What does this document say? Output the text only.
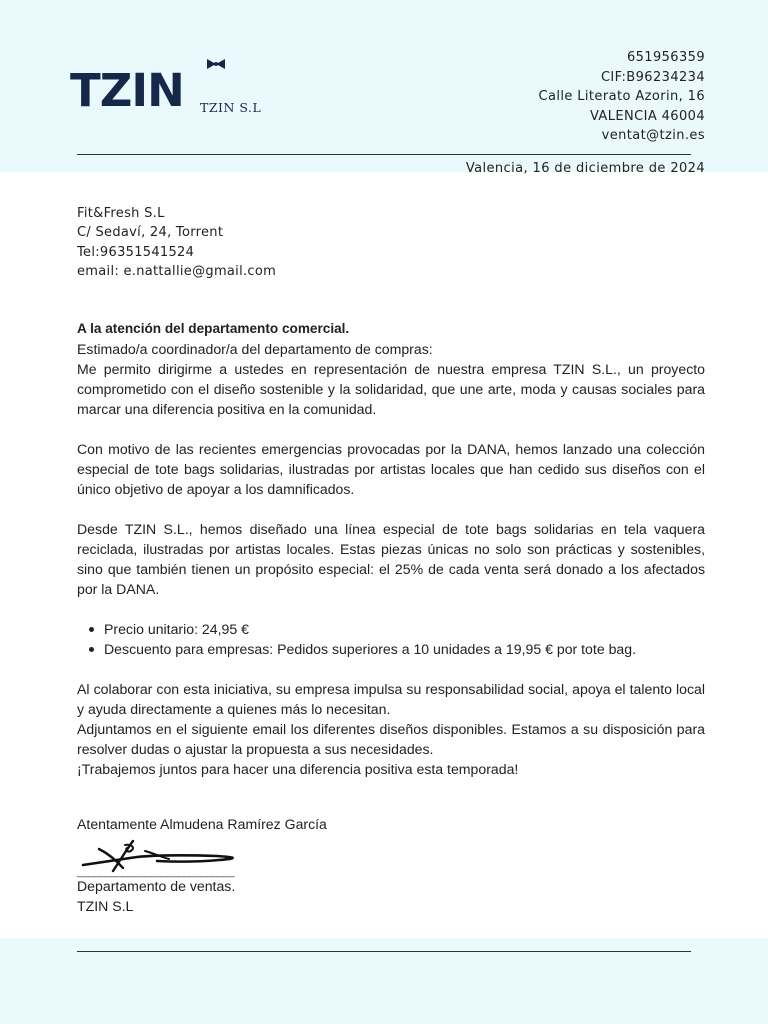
TZIN TZIN S.L
651956359
CIF:B96234234
Calle Literato Azorin, 16
VALENCIA 46004
ventat@tzin.es
Valencia, 16 de diciembre de 2024
Fit&Fresh S.L
C/ Sedaví, 24, Torrent
Tel:96351541524
email: e.nattallie@gmail.com

A la atención del departamento comercial.

Estimado/a coordinador/a del departamento de compras:

Me permito dirigirme a ustedes en representación de nuestra empresa TZIN S.L., un proyecto comprometido con el diseño sostenible y la solidaridad, que une arte, moda y causas sociales para marcar una diferencia positiva en la comunidad.

Con motivo de las recientes emergencias provocadas por la DANA, hemos lanzado una colección especial de tote bags solidarias, ilustradas por artistas locales que han cedido sus diseños con el único objetivo de apoyar a los damnificados.

Desde TZIN S.L., hemos diseñado una línea especial de tote bags solidarias en tela vaquera reciclada, ilustradas por artistas locales. Estas piezas únicas no solo son prácticas y sostenibles, sino que también tienen un propósito especial: el 25% de cada venta será donado a los afectados por la DANA.

Precio unitario: 24,95 €
Descuento para empresas: Pedidos superiores a 10 unidades a 19,95 € por tote bag.

Al colaborar con esta iniciativa, su empresa impulsa su responsabilidad social, apoya el talento local y ayuda directamente a quienes más lo necesitan.

Adjuntamos en el siguiente email los diferentes diseños disponibles. Estamos a su disposición para resolver dudas o ajustar la propuesta a sus necesidades.

¡Trabajemos juntos para hacer una diferencia positiva esta temporada!

Atentamente Almudena Ramírez García
____________________________
Departamento de ventas.
TZIN S.L
